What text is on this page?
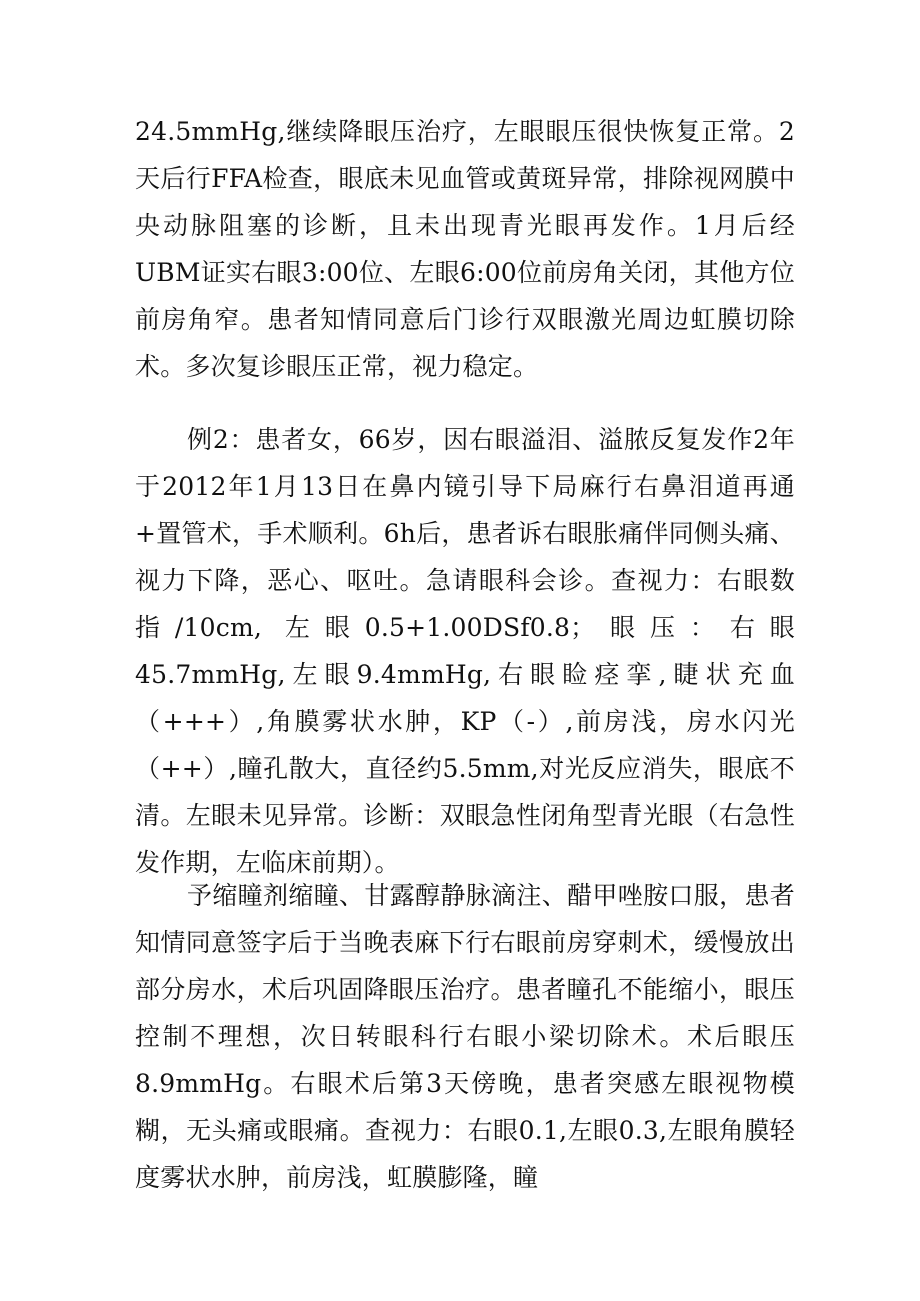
24.5mmHg,继续降眼压治疗，左眼眼压很快恢复正常。2天后行FFA检查，眼底未见血管或黄斑异常，排除视网膜中央动脉阻塞的诊断，且未出现青光眼再发作。1月后经UBM证实右眼3:00位、左眼6:00位前房角关闭，其他方位前房角窄。患者知情同意后门诊行双眼激光周边虹膜切除术。多次复诊眼压正常，视力稳定。

例2：患者女，66岁，因右眼溢泪、溢脓反复发作2年于2012年1月13日在鼻内镜引导下局麻行右鼻泪道再通+置管术，手术顺利。6h后，患者诉右眼胀痛伴同侧头痛、视力下降，恶心、呕吐。急请眼科会诊。查视力：右眼数指/10cm, 左眼0.5+1.00DSf0.8；眼压：右眼45.7mmHg,左眼9.4mmHg,右眼睑痉挛,睫状充血（+++）,角膜雾状水肿，KP（-）,前房浅，房水闪光（++）,瞳孔散大，直径约5.5mm,对光反应消失，眼底不清。左眼未见异常。诊断：双眼急性闭角型青光眼（右急性发作期，左临床前期）。

予缩瞳剂缩瞳、甘露醇静脉滴注、醋甲唑胺口服，患者知情同意签字后于当晚表麻下行右眼前房穿刺术，缓慢放出部分房水，术后巩固降眼压治疗。患者瞳孔不能缩小，眼压控制不理想，次日转眼科行右眼小梁切除术。术后眼压8.9mmHg。右眼术后第3天傍晚，患者突感左眼视物模糊，无头痛或眼痛。查视力：右眼0.1,左眼0.3,左眼角膜轻度雾状水肿，前房浅，虹膜膨隆，瞳
